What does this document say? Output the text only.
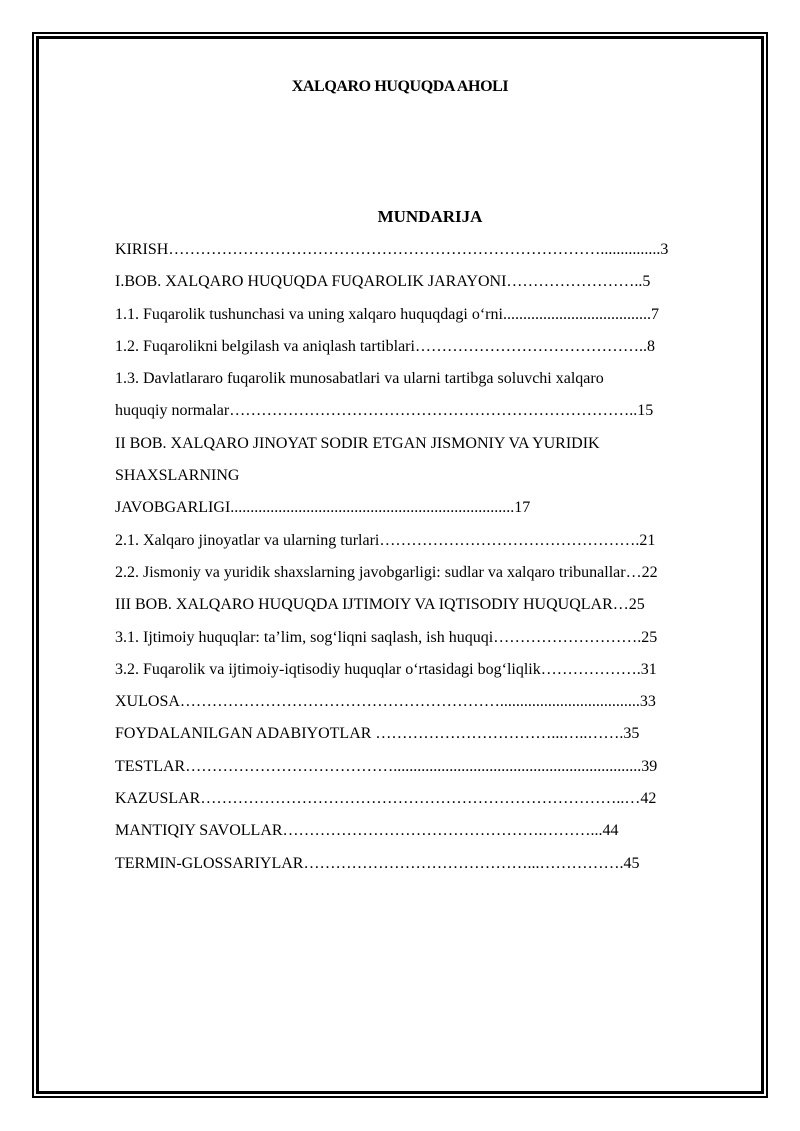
XALQARO HUQUQDA AHOLI
MUNDARIJA
KIRISH………………………………………………………………………...............3
I.BOB. XALQARO HUQUQDA FUQAROLIK JARAYONI……………………..5
1.1. Fuqarolik tushunchasi va uning xalqaro huquqdagi o‘rni.....................................7
1.2. Fuqarolikni belgilash va aniqlash tartiblari……………………………………..8
1.3. Davlatlararo fuqarolik munosabatlari va ularni tartibga soluvchi xalqaro
huquqiy normalar…………………………………………………………………..15
II BOB. XALQARO JINOYAT SODIR ETGAN JISMONIY VA YURIDIK
SHAXSLARNING
JAVOBGARLIGI.......................................................................17
2.1. Xalqaro jinoyatlar va ularning turlari………………………………………….21
2.2. Jismoniy va yuridik shaxslarning javobgarligi: sudlar va xalqaro tribunallar…22
III BOB. XALQARO HUQUQDA IJTIMOIY VA IQTISODIY HUQUQLAR…25
3.1. Ijtimoiy huquqlar: ta’lim, sog‘liqni saqlash, ish huquqi……………………….25
3.2. Fuqarolik va ijtimoiy-iqtisodiy huquqlar o‘rtasidagi bog‘liqlik……………….31
XULOSA……………………………………………………...................................33
FOYDALANILGAN ADABIYOTLAR ……………………………...…..…….35
TESTLAR…………………………………..............................................................39
KAZUSLAR……………………………………………………………………..…42
MANTIQIY SAVOLLAR………………………………………….………...44
TERMIN-GLOSSARIYLAR……………………………………...…………….45
